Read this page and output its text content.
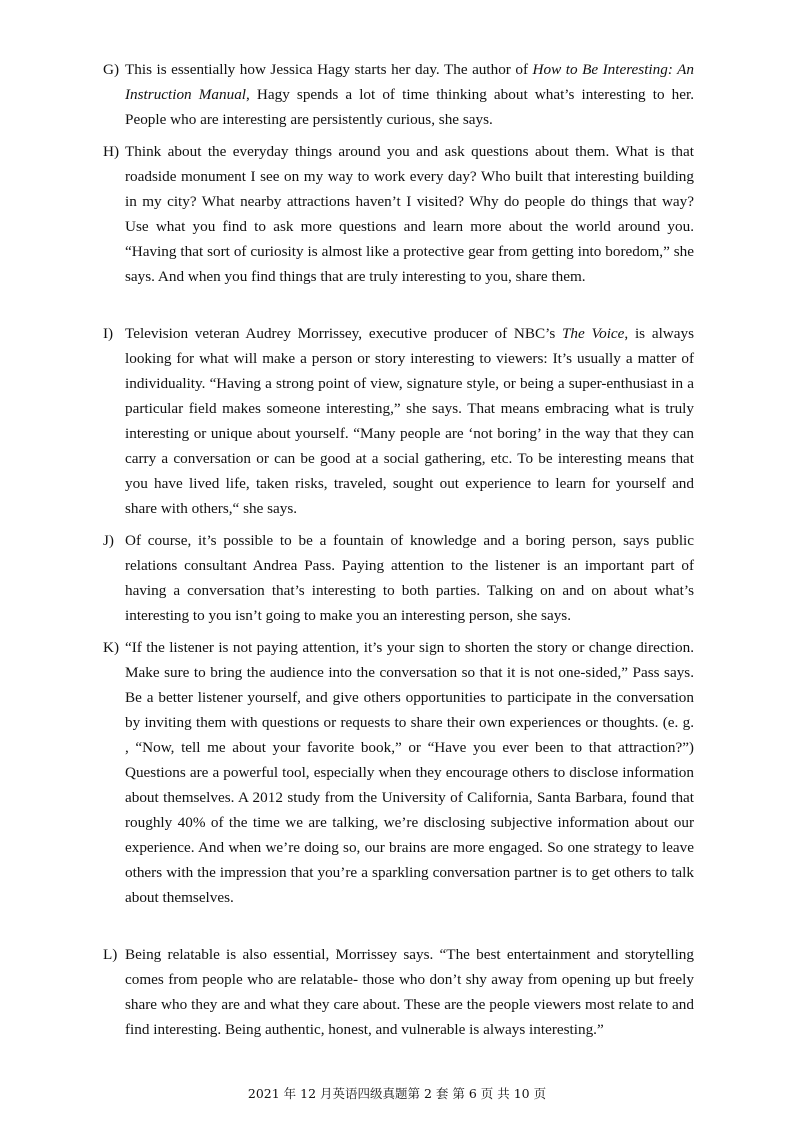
G) This is essentially how Jessica Hagy starts her day. The author of How to Be Interesting: An Instruction Manual, Hagy spends a lot of time thinking about what’s interesting to her. People who are interesting are persistently curious, she says.
H) Think about the everyday things around you and ask questions about them. What is that roadside monument I see on my way to work every day? Who built that interesting building in my city? What nearby attractions haven’t I visited? Why do people do things that way? Use what you find to ask more questions and learn more about the world around you. “Having that sort of curiosity is almost like a protective gear from getting into boredom,” she says. And when you find things that are truly interesting to you, share them.
I) Television veteran Audrey Morrissey, executive producer of NBC’s The Voice, is always looking for what will make a person or story interesting to viewers: It’s usually a matter of individuality. “Having a strong point of view, signature style, or being a super-enthusiast in a particular field makes someone interesting,” she says. That means embracing what is truly interesting or unique about yourself. “Many people are ‘not boring’ in the way that they can carry a conversation or can be good at a social gathering, etc. To be interesting means that you have lived life, taken risks, traveled, sought out experience to learn for yourself and share with others,“ she says.
J) Of course, it’s possible to be a fountain of knowledge and a boring person, says public relations consultant Andrea Pass. Paying attention to the listener is an important part of having a conversation that’s interesting to both parties. Talking on and on about what’s interesting to you isn’t going to make you an interesting person, she says.
K) “If the listener is not paying attention, it’s your sign to shorten the story or change direction. Make sure to bring the audience into the conversation so that it is not one-sided,” Pass says. Be a better listener yourself, and give others opportunities to participate in the conversation by inviting them with questions or requests to share their own experiences or thoughts. (e. g. , “Now, tell me about your favorite book,” or “Have you ever been to that attraction?”) Questions are a powerful tool, especially when they encourage others to disclose information about themselves. A 2012 study from the University of California, Santa Barbara, found that roughly 40% of the time we are talking, we’re disclosing subjective information about our experience. And when we’re doing so, our brains are more engaged. So one strategy to leave others with the impression that you’re a sparkling conversation partner is to get others to talk about themselves.
L) Being relatable is also essential, Morrissey says. “The best entertainment and storytelling comes from people who are relatable- those who don’t shy away from opening up but freely share who they are and what they care about. These are the people viewers most relate to and find interesting. Being authentic, honest, and vulnerable is always interesting.”
2021 年 12 月英语四级真题第 2 套 第 6 页 共 10 页
